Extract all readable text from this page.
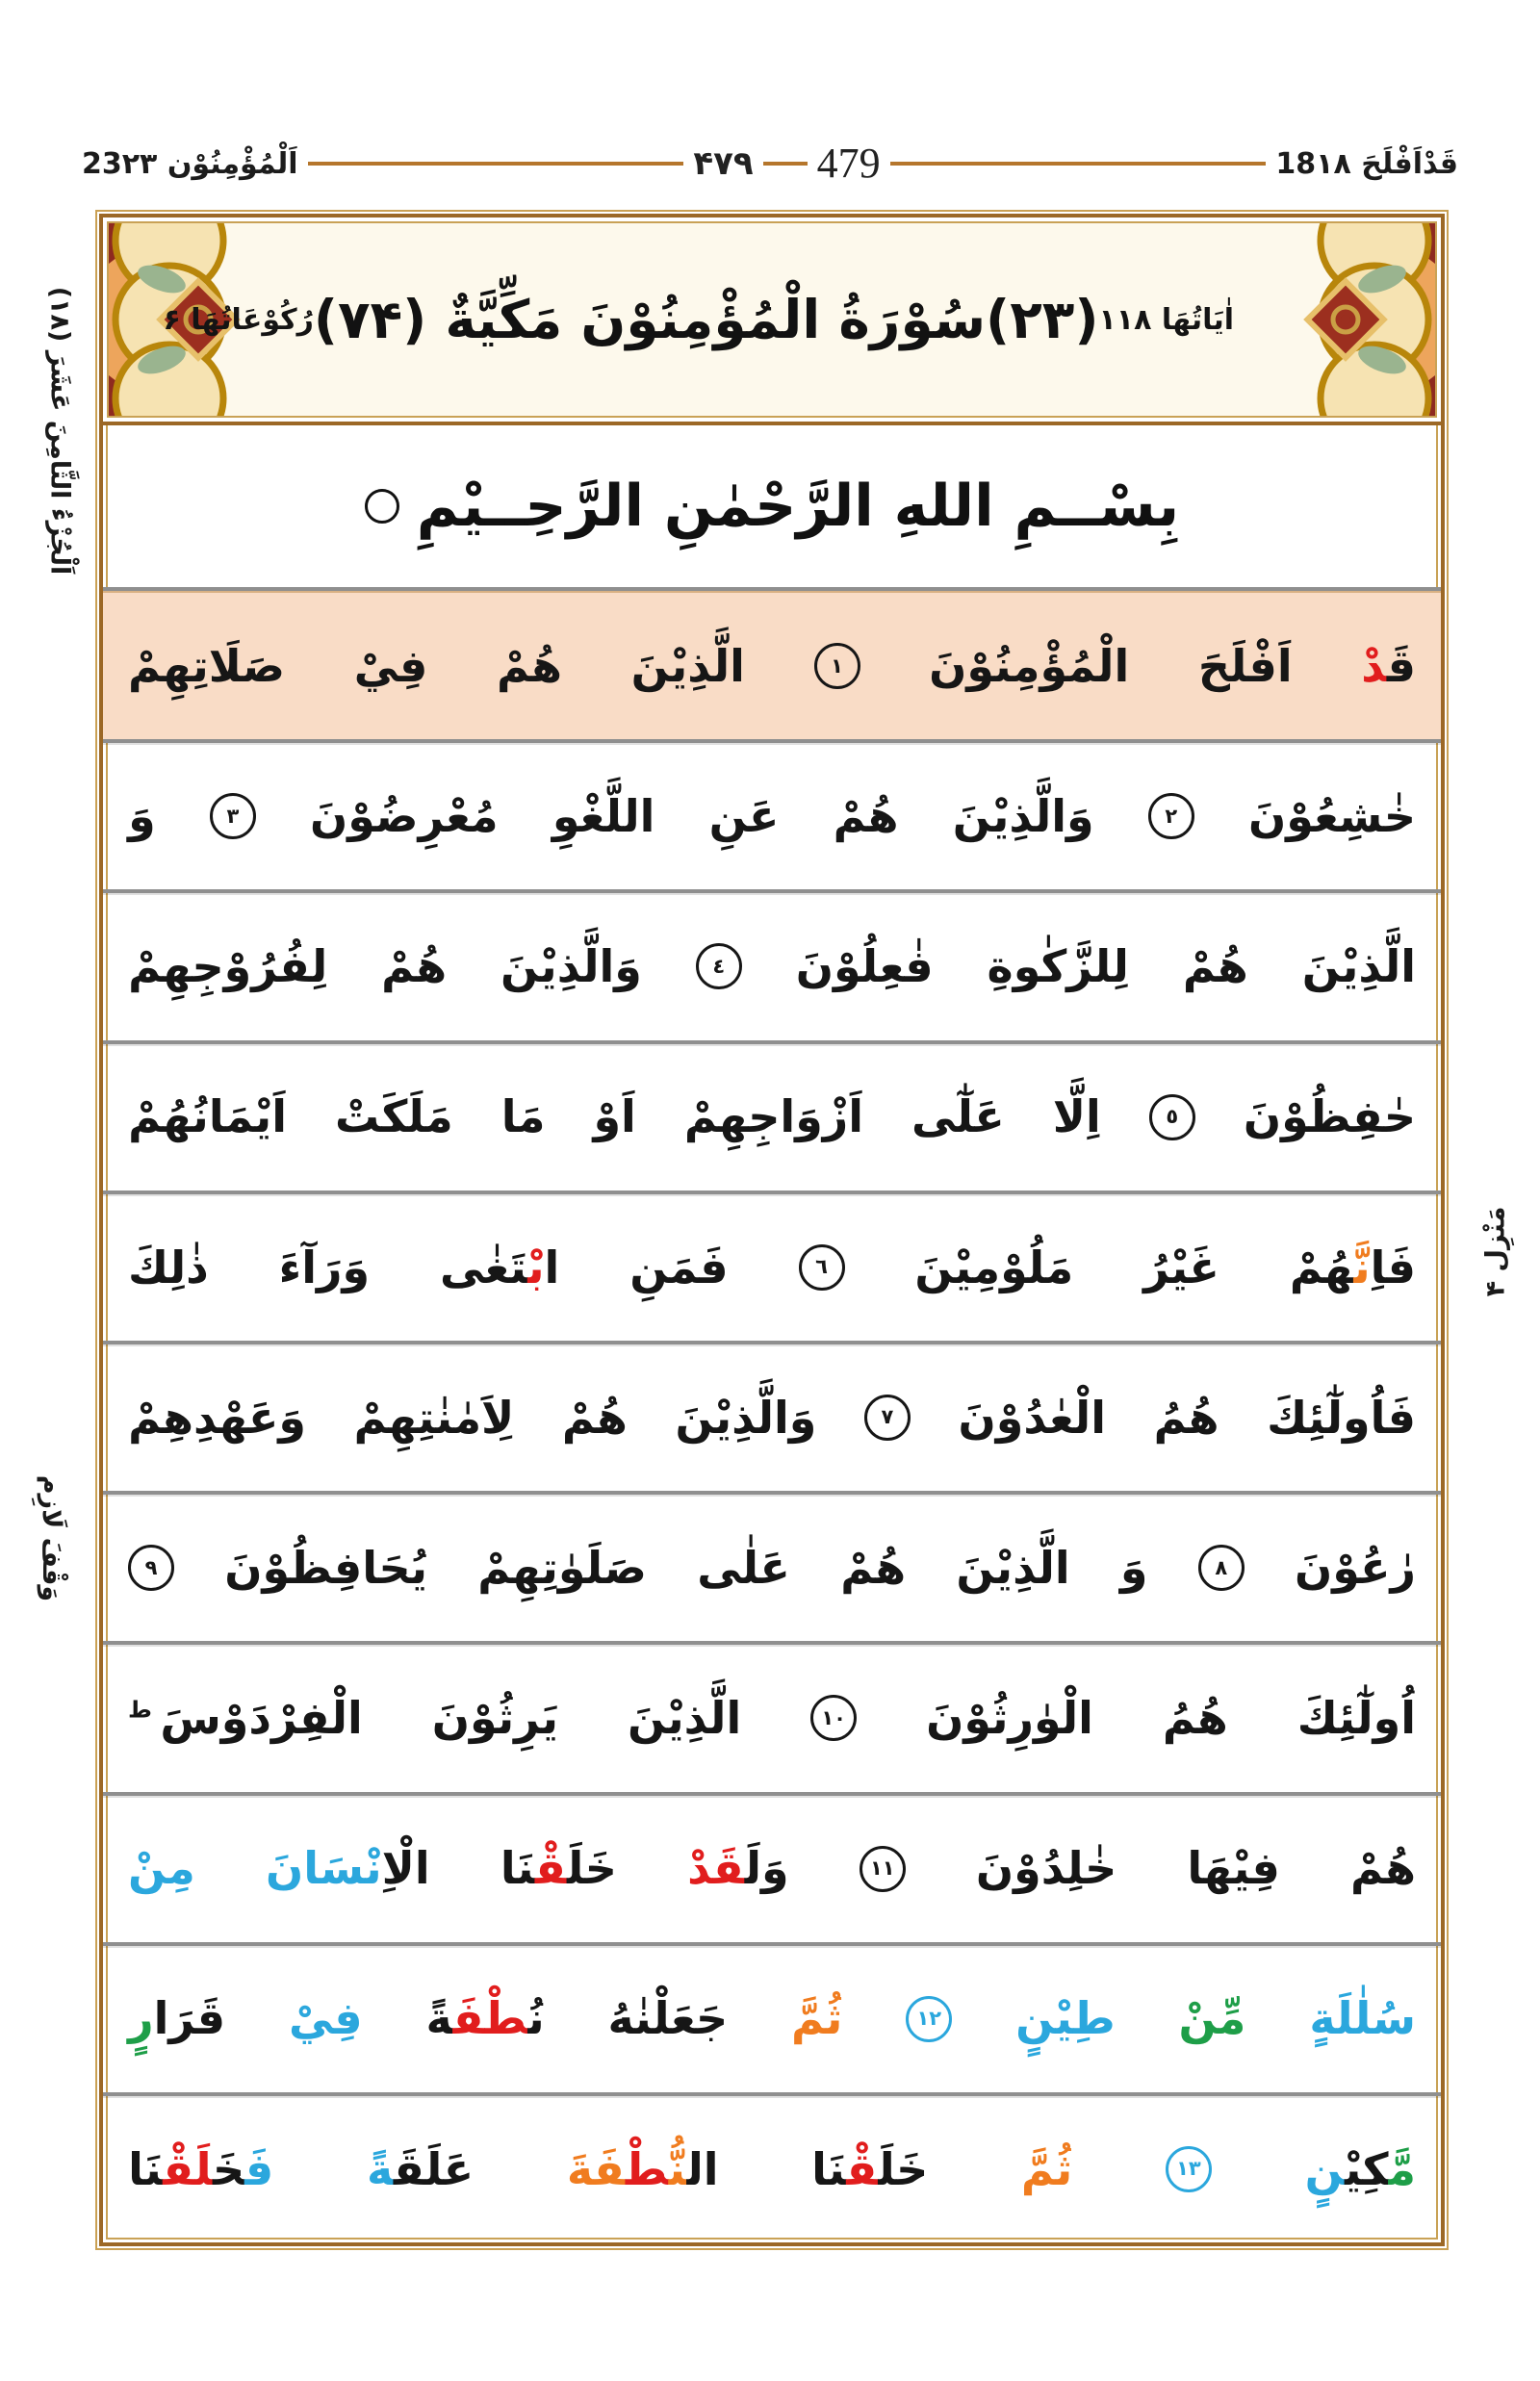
23اَلْمُؤْمِنُوْن ۲۳	۴۷۹ 479	18قَدْاَفْلَحَ ۱۸
اَلْجُزْءُ الثَّامِنَ عَشَرَ (۱۸)
وَقْفَ لَازِم
مَنْزِل ۴
اٰيَاتُهَا ۱۱۸
(۲۳)سُوْرَةُ الْمُؤْمِنُوْنَ مَكِّيَّةٌ (۷۴)
رُكُوْعَاتُهَا ۶
بِسْــمِ اللهِ الرَّحْمٰنِ الرَّحِــيْمِ
قَدْ
اَفْلَحَ
الْمُؤْمِنُوْنَ
١
الَّذِيْنَ
هُمْ
فِيْ
صَلَاتِهِمْ
خٰشِعُوْنَ
٢
وَالَّذِيْنَ
هُمْ
عَنِ
اللَّغْوِ
مُعْرِضُوْنَ
٣
وَ
الَّذِيْنَ
هُمْ
لِلزَّكٰوةِ
فٰعِلُوْنَ
٤
وَالَّذِيْنَ
هُمْ
لِفُرُوْجِهِمْ
حٰفِظُوْنَ
٥
اِلَّا
عَلٰٓى
اَزْوَاجِهِمْ
اَوْ
مَا
مَلَكَتْ
اَيْمَانُهُمْ
فَاِنَّهُمْ
غَيْرُ
مَلُوْمِيْنَ
٦
فَمَنِ
ابْتَغٰى
وَرَآءَ
ذٰلِكَ
فَاُولٰٓئِكَ
هُمُ
الْعٰدُوْنَ
٧
وَالَّذِيْنَ
هُمْ
لِاَمٰنٰتِهِمْ
وَعَهْدِهِمْ
رٰعُوْنَ
٨
وَ
الَّذِيْنَ
هُمْ
عَلٰى
صَلَوٰتِهِمْ
يُحَافِظُوْنَ
٩
اُولٰٓئِكَ
هُمُ
الْوٰرِثُوْنَ
١٠
الَّذِيْنَ
يَرِثُوْنَ
الْفِرْدَوْسَ $^ط$
هُمْ
فِيْهَا
خٰلِدُوْنَ
١١
وَلَقَدْ
خَلَقْنَا
الْاِنْسَانَ
مِنْ
سُلٰلَةٍ
مِّنْ
طِيْنٍ
١٢
ثُمَّ
جَعَلْنٰهُ
نُطْفَةً
فِيْ
قَرَارٍ
مَّكِيْنٍ
١٣
ثُمَّ
خَلَقْنَا
النُّطْفَةَ
عَلَقَةً
فَخَلَقْنَا
